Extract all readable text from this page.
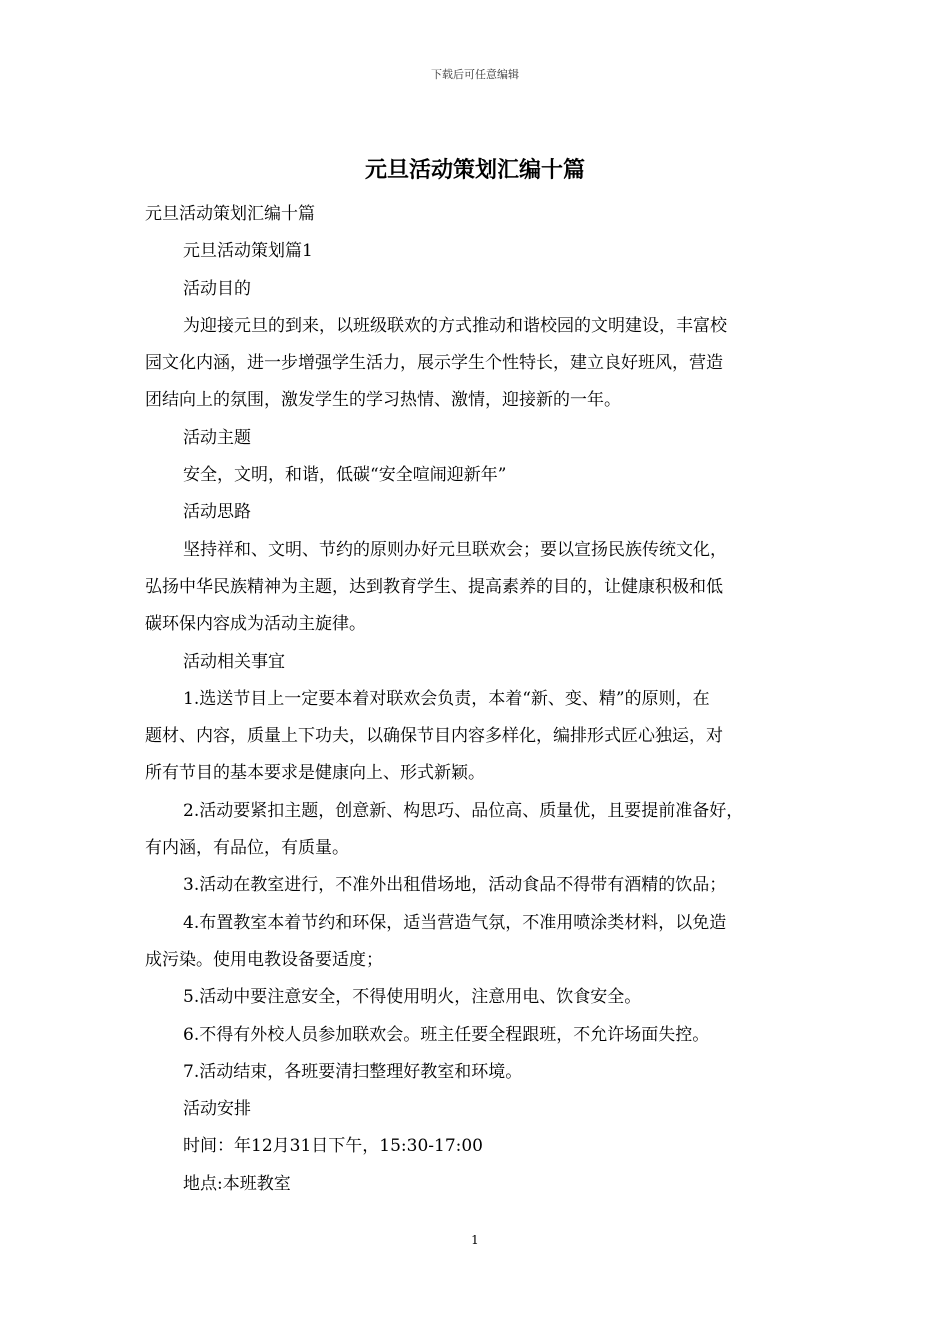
下载后可任意编辑
元旦活动策划汇编十篇

元旦活动策划汇编十篇

元旦活动策划篇1

活动目的

为迎接元旦的到来，以班级联欢的方式推动和谐校园的文明建设，丰富校

园文化内涵，进一步增强学生活力，展示学生个性特长，建立良好班风，营造

团结向上的氛围，激发学生的学习热情、激情，迎接新的一年。

活动主题

安全，文明，和谐，低碳“安全喧闹迎新年”

活动思路

坚持祥和、文明、节约的原则办好元旦联欢会；要以宣扬民族传统文化，

弘扬中华民族精神为主题，达到教育学生、提高素养的目的，让健康积极和低

碳环保内容成为活动主旋律。

活动相关事宜

1.选送节目上一定要本着对联欢会负责，本着“新、变、精”的原则，在

题材、内容，质量上下功夫，以确保节目内容多样化，编排形式匠心独运，对

所有节目的基本要求是健康向上、形式新颖。

2.活动要紧扣主题，创意新、构思巧、品位高、质量优，且要提前准备好，

有内涵，有品位，有质量。

3.活动在教室进行，不准外出租借场地，活动食品不得带有酒精的饮品；

4.布置教室本着节约和环保，适当营造气氛，不准用喷涂类材料，以免造

成污染。使用电教设备要适度；

5.活动中要注意安全，不得使用明火，注意用电、饮食安全。

6.不得有外校人员参加联欢会。班主任要全程跟班，不允许场面失控。

7.活动结束，各班要清扫整理好教室和环境。

活动安排

时间：年12月31日下午，15:30-17:00

地点:本班教室

1
